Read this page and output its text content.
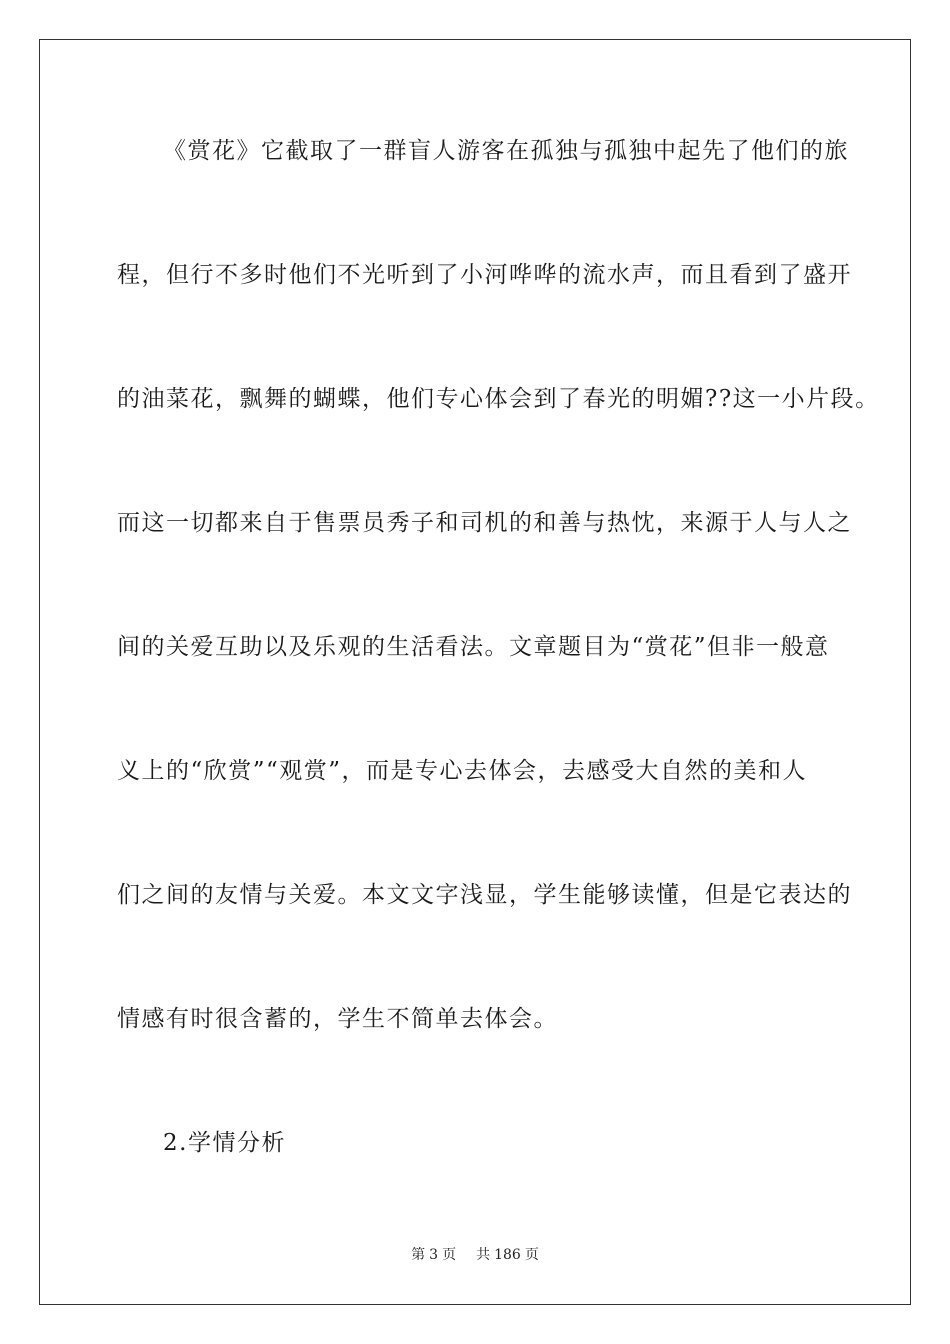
《赏花》它截取了一群盲人游客在孤独与孤独中起先了他们的旅
程，但行不多时他们不光听到了小河哗哗的流水声，而且看到了盛开
的油菜花，飘舞的蝴蝶，他们专心体会到了春光的明媚??这一小片段。
而这一切都来自于售票员秀子和司机的和善与热忱，来源于人与人之
间的关爱互助以及乐观的生活看法。文章题目为“赏花”但非一般意
义上的“欣赏”“观赏”，而是专心去体会，去感受大自然的美和人
们之间的友情与关爱。本文文字浅显，学生能够读懂，但是它表达的
情感有时很含蓄的，学生不简单去体会。
2.学情分析
第 3 页 共 186 页
